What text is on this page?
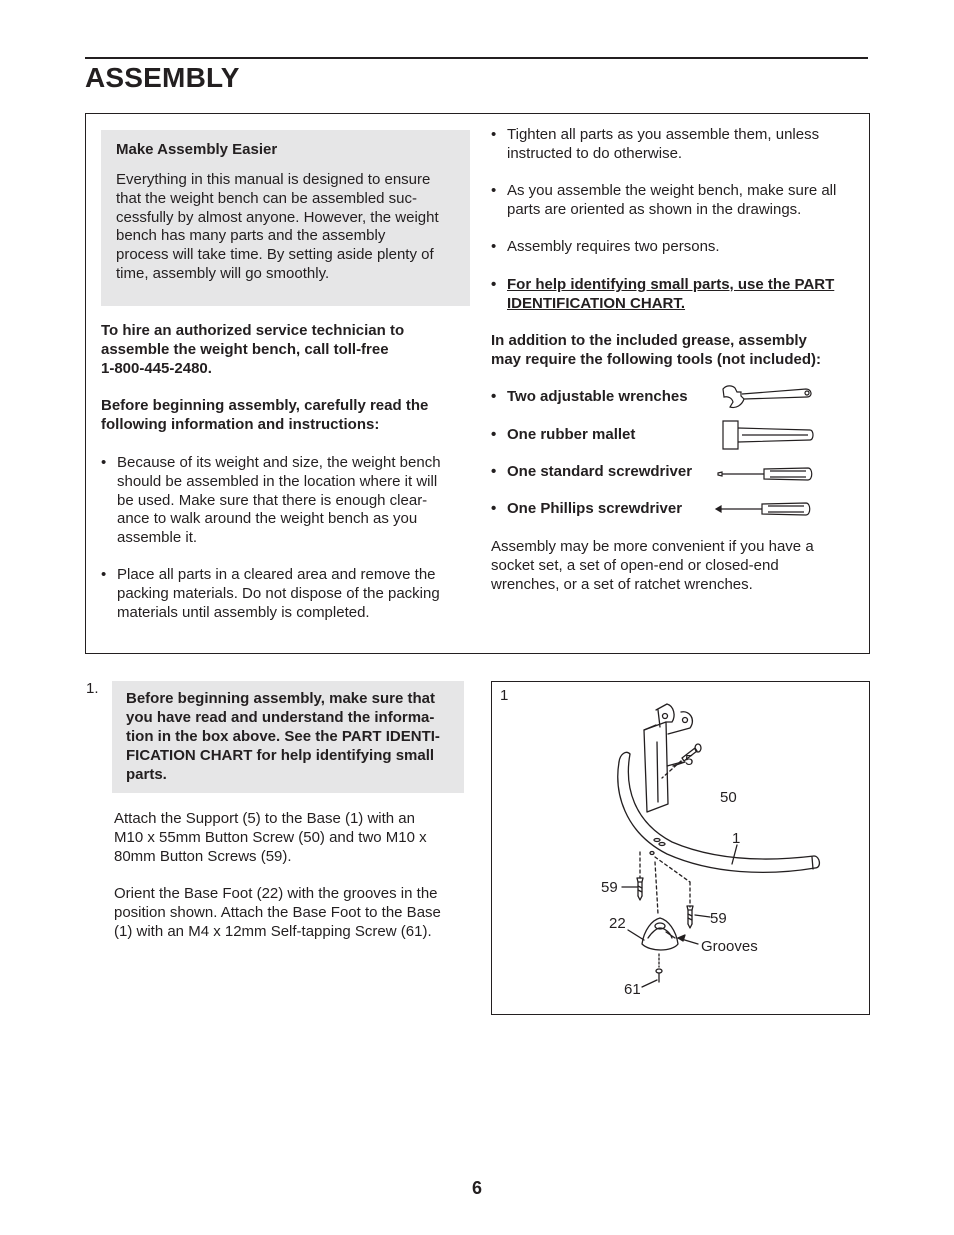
ASSEMBLY
Make Assembly Easier
Everything in this manual is designed to ensure
that the weight bench can be assembled suc-
cessfully by almost anyone. However, the weight
bench has many parts and the assembly
process will take time. By setting aside plenty of
time, assembly will go smoothly.
To hire an authorized service technician to
assemble the weight bench, call toll-free
1-800-445-2480.
Before beginning assembly, carefully read the
following information and instructions:
• Because of its weight and size, the weight bench
should be assembled in the location where it will
be used. Make sure that there is enough clear-
ance to walk around the weight bench as you
assemble it.
• Place all parts in a cleared area and remove the
packing materials. Do not dispose of the packing
materials until assembly is completed.
• Tighten all parts as you assemble them, unless
instructed to do otherwise.
• As you assemble the weight bench, make sure all
parts are oriented as shown in the drawings.
• Assembly requires two persons.
• For help identifying small parts, use the PART
IDENTIFICATION CHART.
In addition to the included grease, assembly
may require the following tools (not included):
• Two adjustable wrenches
• One rubber mallet
• One standard screwdriver
• One Phillips screwdriver
Assembly may be more convenient if you have a
socket set, a set of open-end or closed-end
wrenches, or a set of ratchet wrenches.
1.
Before beginning assembly, make sure that
you have read and understand the informa-
tion in the box above. See the PART IDENTI-
FICATION CHART for help identifying small
parts.
Attach the Support (5) to the Base (1) with an
M10 x 55mm Button Screw (50) and two M10 x
80mm Button Screws (59).
Orient the Base Foot (22) with the grooves in the
position shown. Attach the Base Foot to the Base
(1) with an M4 x 12mm Self-tapping Screw (61).
1
5
50
1
59
59
22
Grooves
61
6
